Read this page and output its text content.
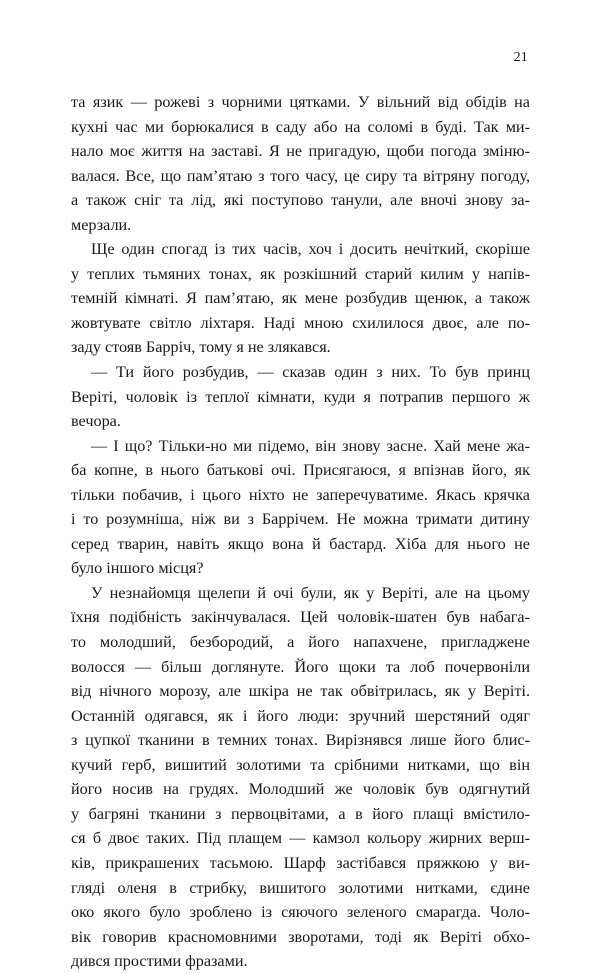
21
та язик — рожеві з чорними цятками. У вільний від обідів на
кухні час ми борюкалися в саду або на соломі в буді. Так ми-
нало моє життя на заставі. Я не пригадую, щоби погода зміню-
валася. Все, що пам’ятаю з того часу, це сиру та вітряну погоду,
а також сніг та лід, які поступово танули, але вночі знову за-
мерзали.
Ще один спогад із тих часів, хоч і досить нечіткий, скоріше
у теплих тьмяних тонах, як розкішний старий килим у напів-
темній кімнаті. Я пам’ятаю, як мене розбудив щенюк, а також
жовтувате світло ліхтаря. Наді мною схилилося двоє, але по-
заду стояв Барріч, тому я не злякався.
— Ти його розбудив, — сказав один з них. То був принц
Веріті, чоловік із теплої кімнати, куди я потрапив першого ж
вечора.
— І що? Тільки-но ми підемо, він знову засне. Хай мене жа-
ба копне, в нього батькові очі. Присягаюся, я впізнав його, як
тільки побачив, і цього ніхто не заперечуватиме. Якась крячка
і то розумніша, ніж ви з Баррічем. Не можна тримати дитину
серед тварин, навіть якщо вона й бастард. Хіба для нього не
було іншого місця?
У незнайомця щелепи й очі були, як у Веріті, але на цьому
їхня подібність закінчувалася. Цей чоловік-шатен був набага-
то молодший, безбородий, а його напахчене, пригладжене
волосся — більш доглянуте. Його щоки та лоб почервоніли
від нічного морозу, але шкіра не так обвітрилась, як у Веріті.
Останній одягався, як і його люди: зручний шерстяний одяг
з цупкої тканини в темних тонах. Вирізнявся лише його блис-
кучий герб, вишитий золотими та срібними нитками, що він
його носив на грудях. Молодший же чоловік був одягнутий
у багряні тканини з первоцвітами, а в його плащі вмістило-
ся б двоє таких. Під плащем — камзол кольору жирних верш-
ків, прикрашених тасьмою. Шарф застібався пряжкою у ви-
гляді оленя в стрибку, вишитого золотими нитками, єдине
око якого було зроблено із сяючого зеленого смарагда. Чоло-
вік говорив красномовними зворотами, тоді як Веріті обхо-
дився простими фразами.
